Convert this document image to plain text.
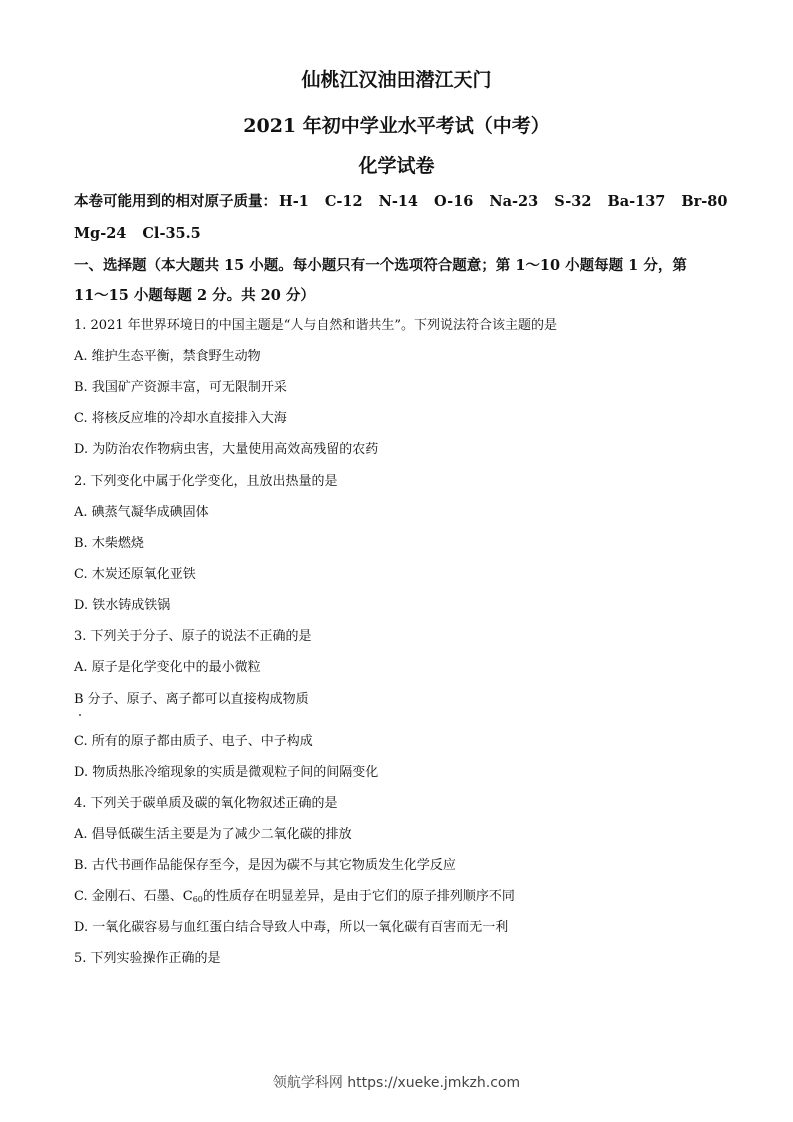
仙桃江汉油田潜江天门
2021 年初中学业水平考试（中考）
化学试卷
本卷可能用到的相对原子质量： H-1 C-12 N-14 O-16 Na-23 S-32 Ba-137 Br-80
Mg-24 Cl-35.5
一、选择题（本大题共 15 小题。每小题只有一个选项符合题意；第 1～10 小题每题 1 分，第
11～15 小题每题 2 分。共 20 分）
1. 2021 年世界环境日的中国主题是“人与自然和谐共生”。下列说法符合该主题的是
A. 维护生态平衡，禁食野生动物
B. 我国矿产资源丰富，可无限制开采
C. 将核反应堆的冷却水直接排入大海
D. 为防治农作物病虫害，大量使用高效高残留的农药
2. 下列变化中属于化学变化，且放出热量的是
A. 碘蒸气凝华成碘固体
B. 木柴燃烧
C. 木炭还原氧化亚铁
D. 铁水铸成铁锅
3. 下列关于分子、原子的说法不正确的是
A. 原子是化学变化中的最小微粒
B 分子、原子、离子都可以直接构成物质
C. 所有的原子都由质子、电子、中子构成
D. 物质热胀冷缩现象的实质是微观粒子间的间隔变化
4. 下列关于碳单质及碳的氧化物叙述正确的是
A. 倡导低碳生活主要是为了减少二氧化碳的排放
B. 古代书画作品能保存至今，是因为碳不与其它物质发生化学反应
C. 金刚石、石墨、$C_{60}$的性质存在明显差异，是由于它们的原子排列顺序不同
D. 一氧化碳容易与血红蛋白结合导致人中毒，所以一氧化碳有百害而无一利
5. 下列实验操作正确的是
领航学科网 https://xueke.jmkzh.com
